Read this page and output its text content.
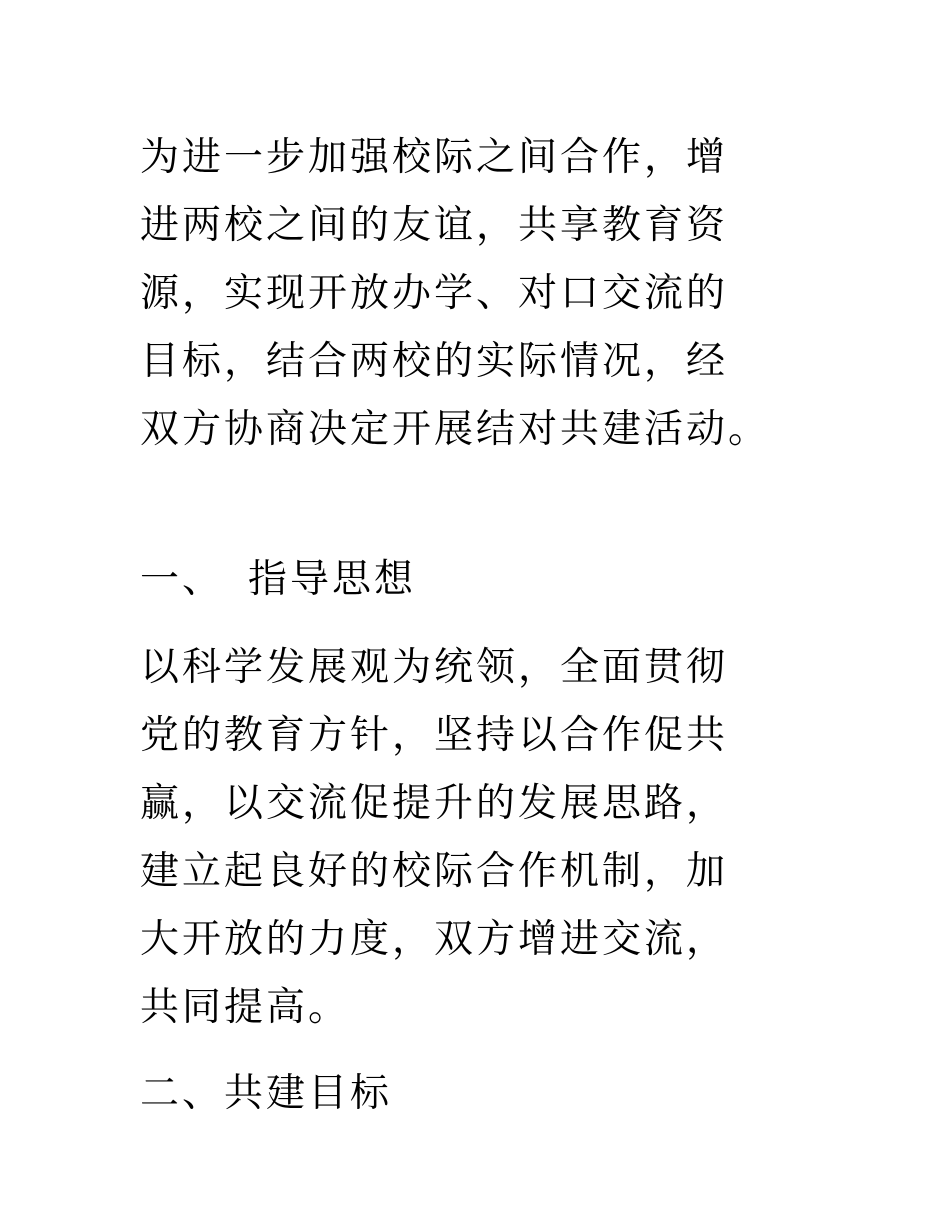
为进一步加强校际之间合作，增
进两校之间的友谊，共享教育资
源，实现开放办学、对口交流的
目标，结合两校的实际情况，经
双方协商决定开展结对共建活动。
一、 指导思想
以科学发展观为统领，全面贯彻
党的教育方针，坚持以合作促共
赢，以交流促提升的发展思路，
建立起良好的校际合作机制，加
大开放的力度，双方增进交流，
共同提高。
二、共建目标
